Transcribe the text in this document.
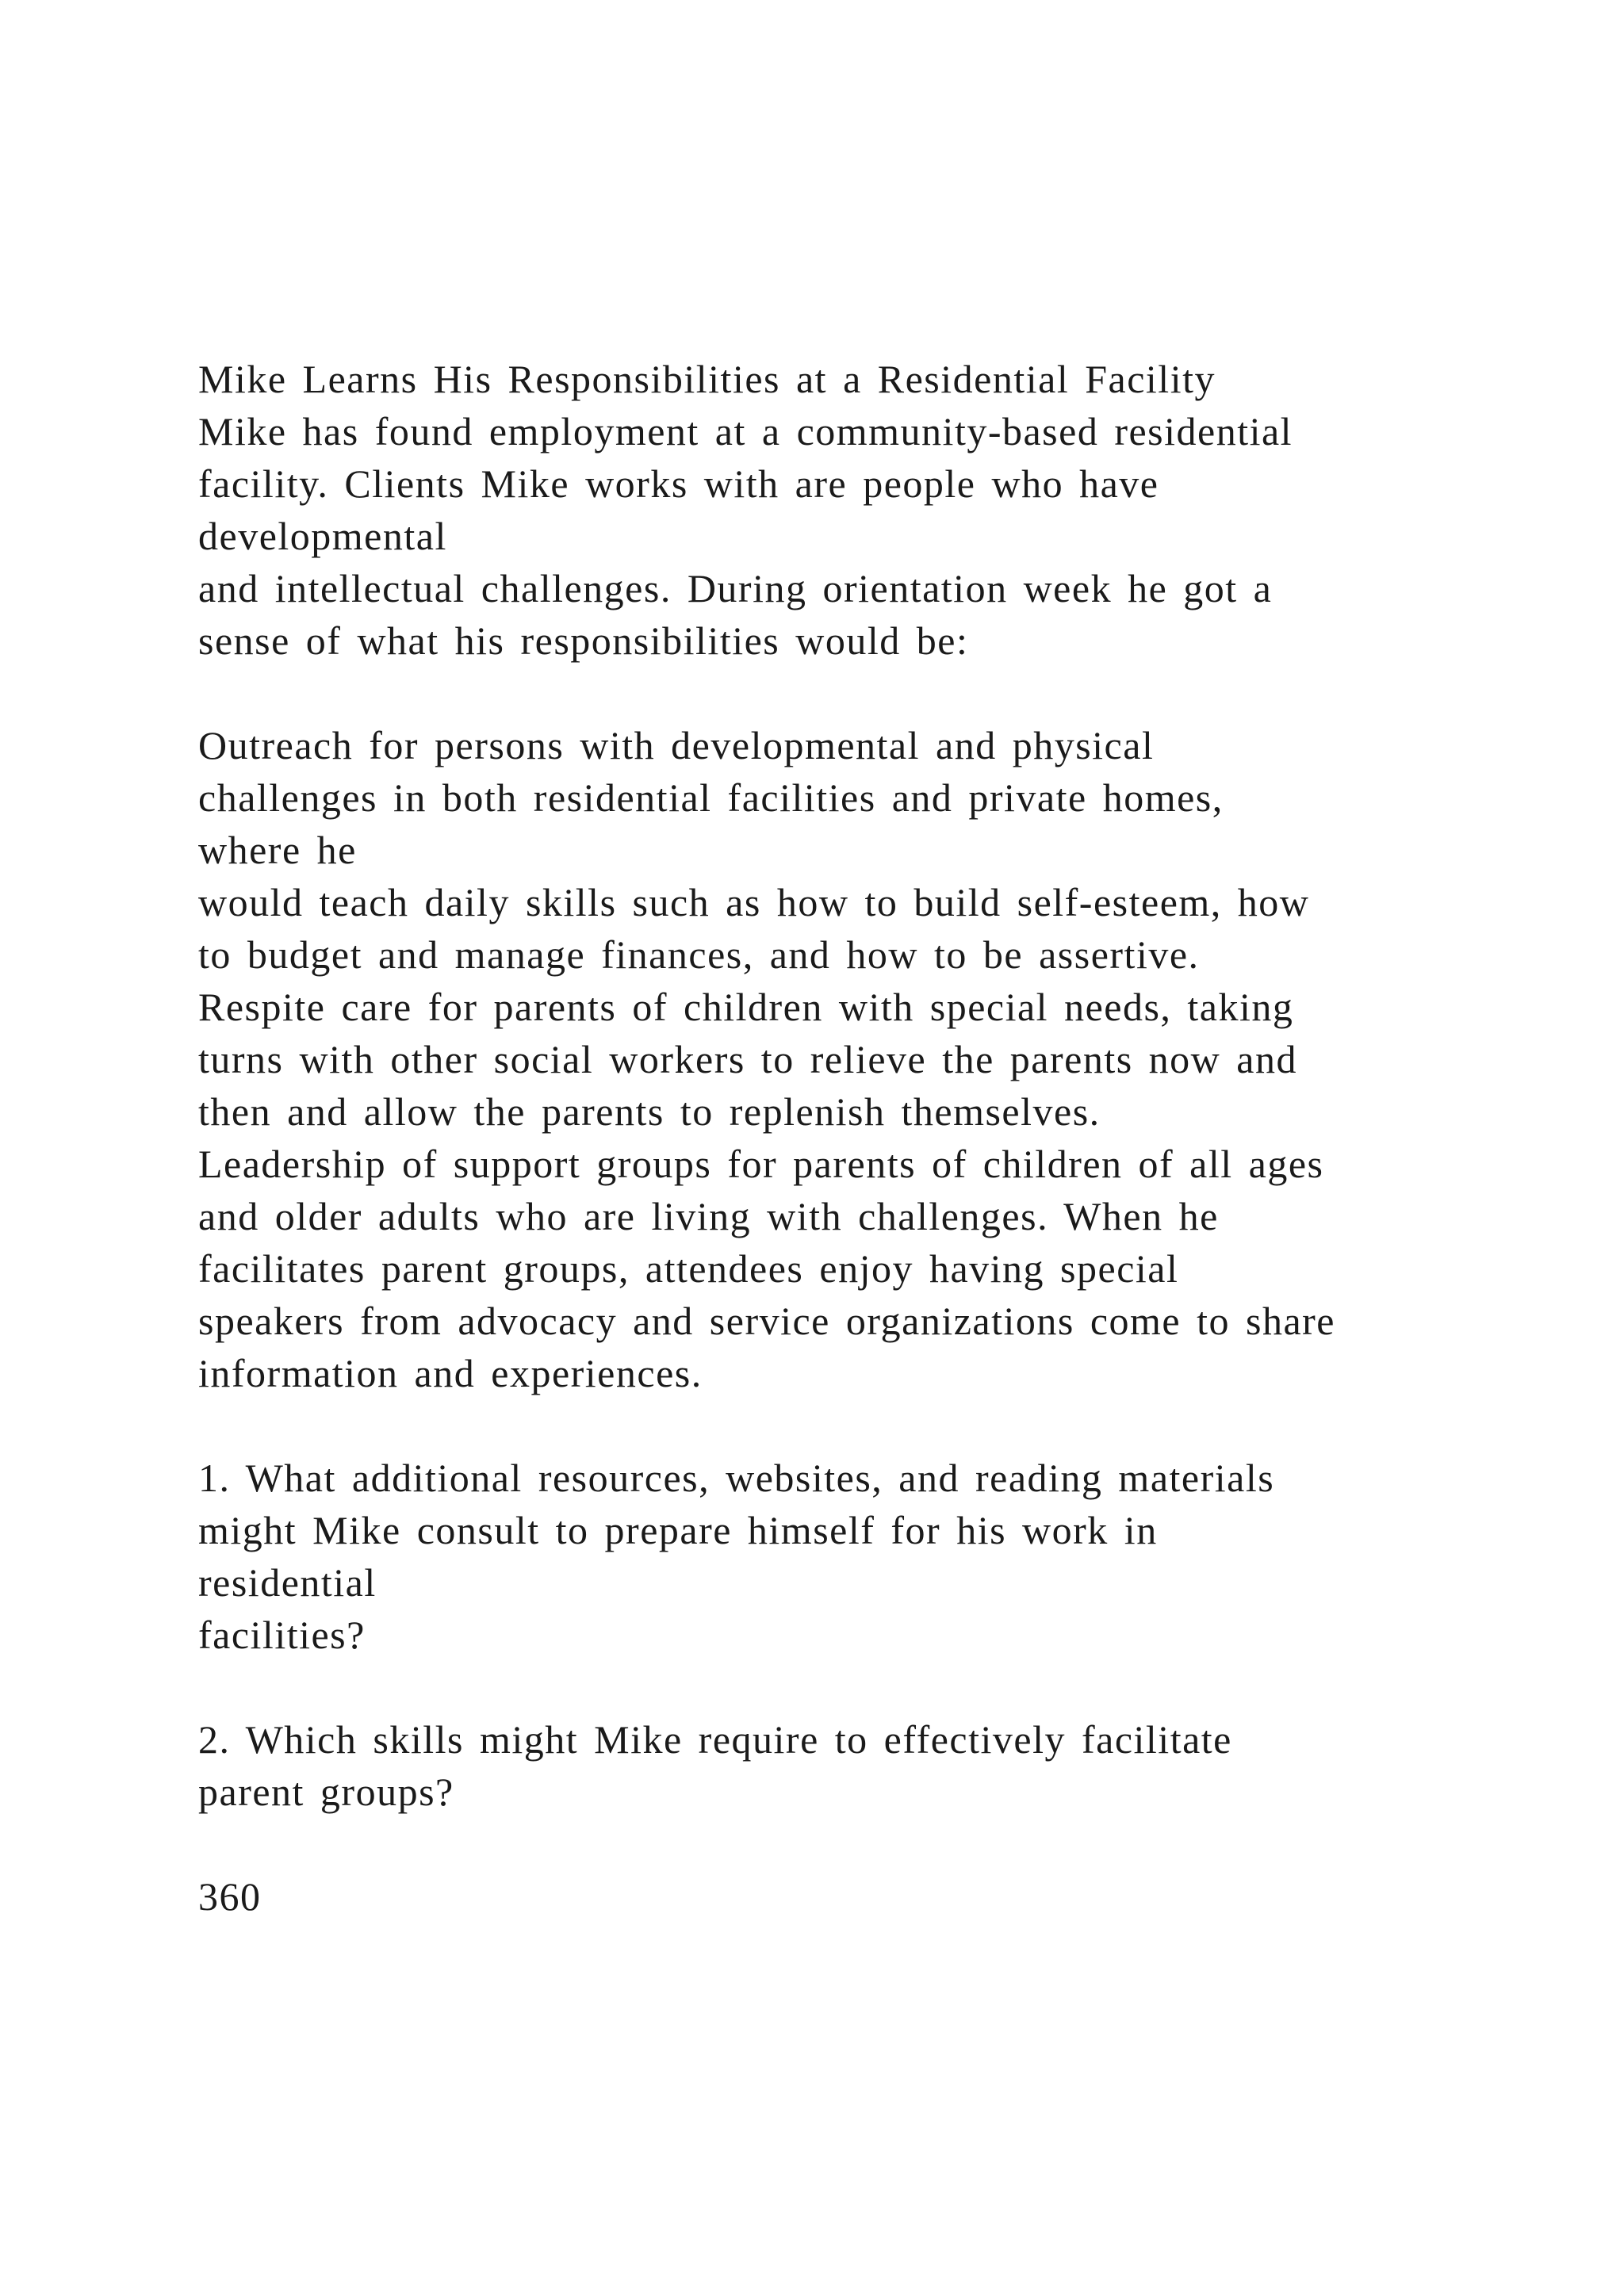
Mike Learns His Responsibilities at a Residential Facility
Mike has found employment at a community-based residential
facility. Clients Mike works with are people who have
developmental
and intellectual challenges. During orientation week he got a
sense of what his responsibilities would be:
Outreach for persons with developmental and physical
challenges in both residential facilities and private homes,
where he
would teach daily skills such as how to build self-esteem, how
to budget and manage finances, and how to be assertive.
Respite care for parents of children with special needs, taking
turns with other social workers to relieve the parents now and
then and allow the parents to replenish themselves.
Leadership of support groups for parents of children of all ages
and older adults who are living with challenges. When he
facilitates parent groups, attendees enjoy having special
speakers from advocacy and service organizations come to share
information and experiences.
1. What additional resources, websites, and reading materials
might Mike consult to prepare himself for his work in
residential
facilities?
2. Which skills might Mike require to effectively facilitate
parent groups?
360
